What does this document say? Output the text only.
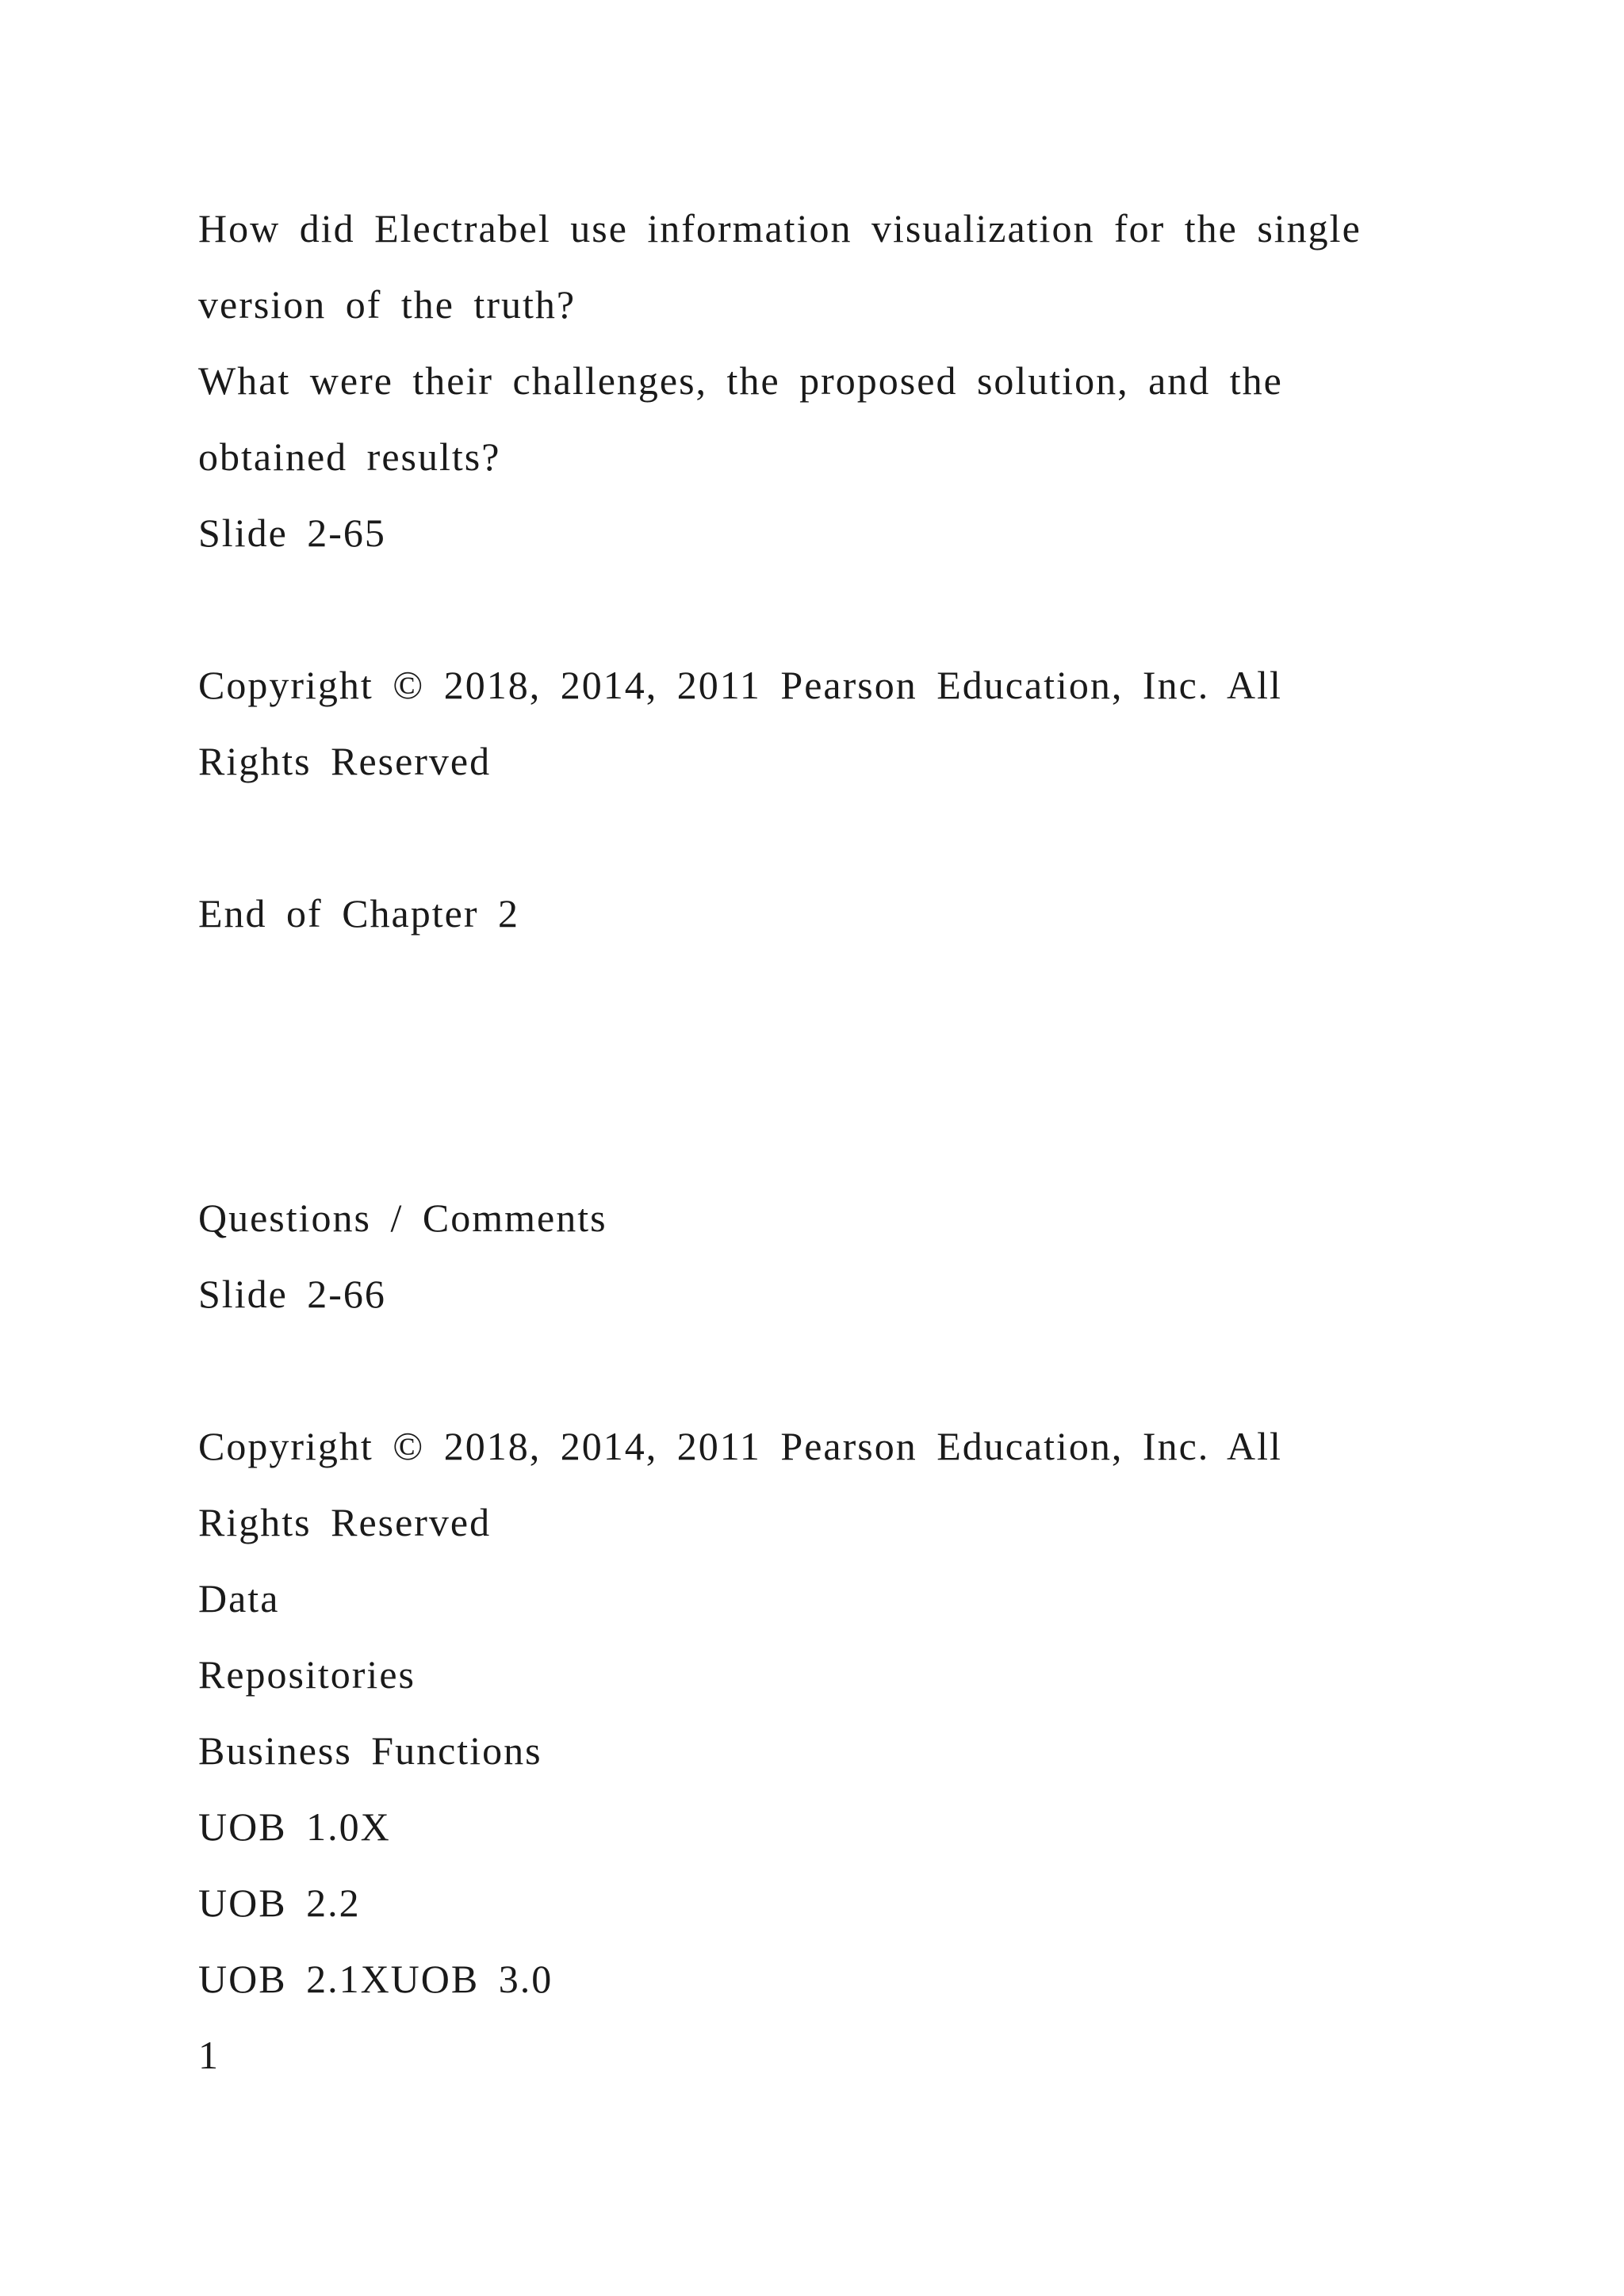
How did Electrabel use information visualization for the single
version of the truth?
What were their challenges, the proposed solution, and the
obtained results?
Slide 2-65
Copyright © 2018, 2014, 2011 Pearson Education, Inc. All
Rights Reserved
End of Chapter 2
Questions / Comments
Slide 2-66
Copyright © 2018, 2014, 2011 Pearson Education, Inc. All
Rights Reserved
Data
Repositories
Business Functions
UOB 1.0X
UOB 2.2
UOB 2.1XUOB 3.0
1
